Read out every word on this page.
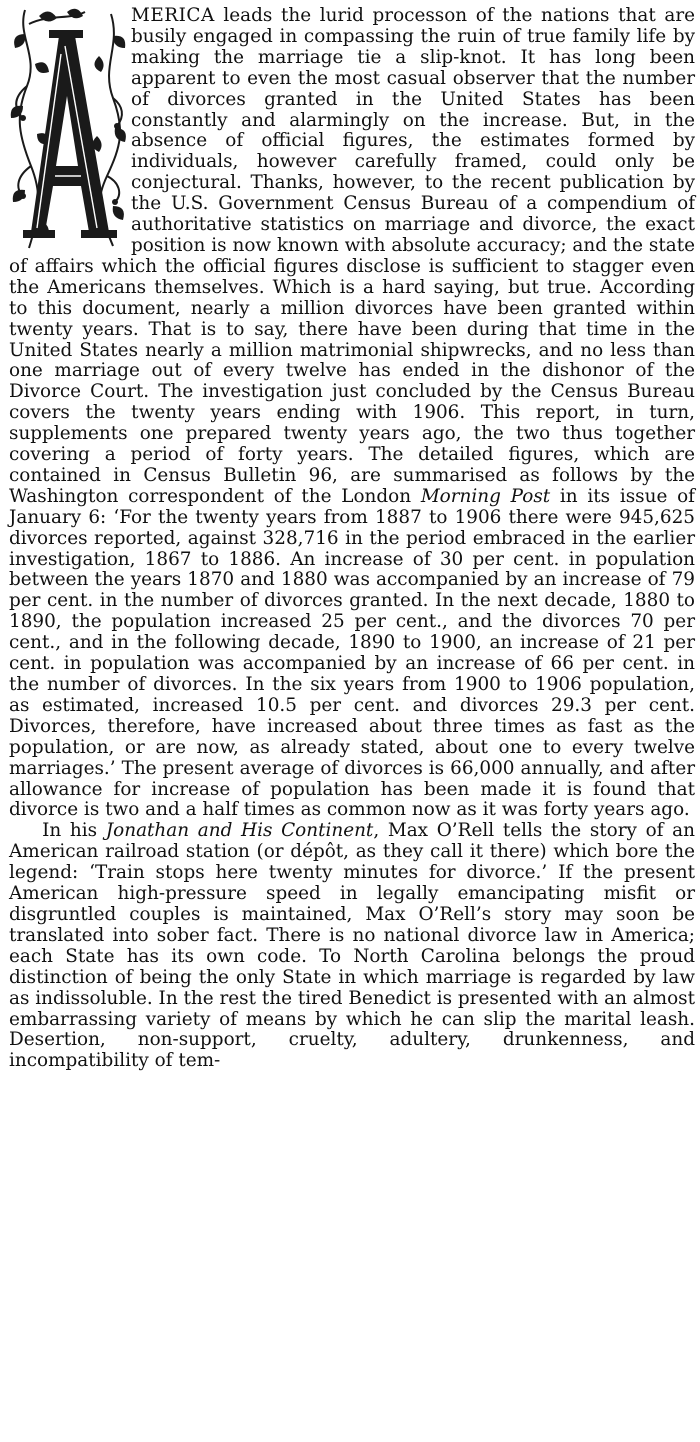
MERICA leads the lurid processon of the nations that are busily engaged in compassing the ruin of true family life by making the marriage tie a slip-knot. It has long been apparent to even the most casual observer that the number of divorces granted in the United States has been constantly and alarmingly on the increase. But, in the absence of official figures, the estimates formed by individuals, however carefully framed, could only be conjectural. Thanks, however, to the recent publication by the U.S. Government Census Bureau of a compendium of authoritative statistics on marriage and divorce, the exact position is now known with absolute accuracy; and the state of affairs which the official figures disclose is sufficient to stagger even the Americans themselves. Which is a hard saying, but true. According to this document, nearly a million divorces have been granted within twenty years. That is to say, there have been during that time in the United States nearly a million matrimonial shipwrecks, and no less than one marriage out of every twelve has ended in the dishonor of the Divorce Court. The investigation just concluded by the Census Bureau covers the twenty years ending with 1906. This report, in turn, supplements one prepared twenty years ago, the two thus together covering a period of forty years. The detailed figures, which are contained in Census Bulletin 96, are summarised as follows by the Washington correspondent of the London Morning Post in its issue of January 6: ‘For the twenty years from 1887 to 1906 there were 945,625 divorces reported, against 328,716 in the period embraced in the earlier investigation, 1867 to 1886. An increase of 30 per cent. in population between the years 1870 and 1880 was accompanied by an increase of 79 per cent. in the number of divorces granted. In the next decade, 1880 to 1890, the population increased 25 per cent., and the divorces 70 per cent., and in the following decade, 1890 to 1900, an increase of 21 per cent. in population was accompanied by an increase of 66 per cent. in the number of divorces. In the six years from 1900 to 1906 population, as estimated, increased 10.5 per cent. and divorces 29.3 per cent. Divorces, therefore, have increased about three times as fast as the population, or are now, as already stated, about one to every twelve marriages.’ The present average of divorces is 66,000 annually, and after allowance for increase of population has been made it is found that divorce is two and a half times as common now as it was forty years ago.

In his Jonathan and His Continent, Max O’Rell tells the story of an American railroad station (or dépôt, as they call it there) which bore the legend: ‘Train stops here twenty minutes for divorce.’ If the present American high-pressure speed in legally emancipating misfit or disgruntled couples is maintained, Max O’Rell’s story may soon be translated into sober fact. There is no national divorce law in America; each State has its own code. To North Carolina belongs the proud distinction of being the only State in which marriage is regarded by law as indissoluble. In the rest the tired Benedict is presented with an almost embarrassing variety of means by which he can slip the marital leash. Desertion, non-support, cruelty, adultery, drunkenness, and incompatibility of tem-
